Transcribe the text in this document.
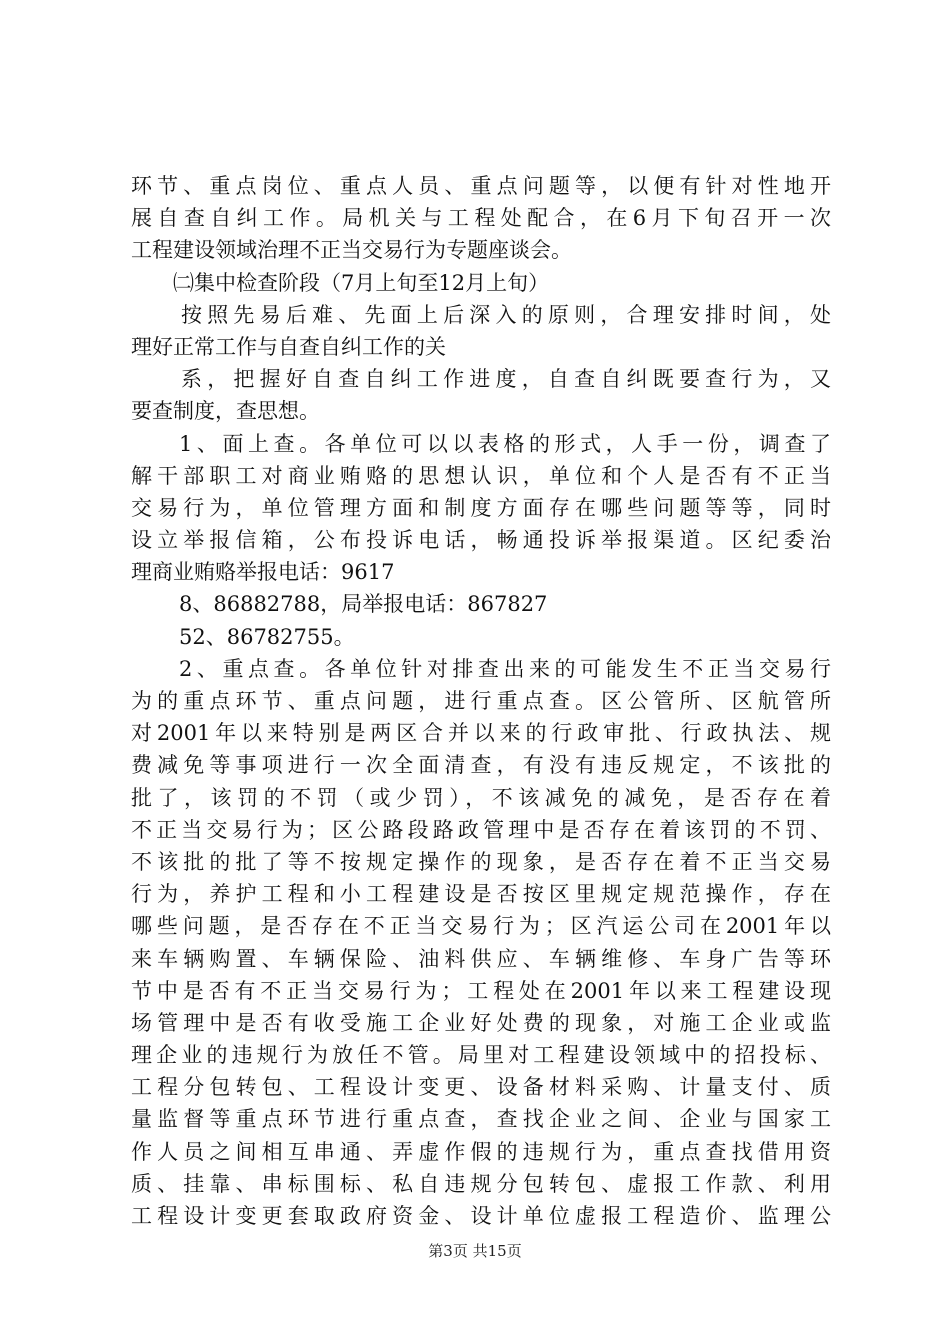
环节、重点岗位、重点人员、重点问题等，以便有针对性地开
展自查自纠工作。局机关与工程处配合，在6月下旬召开一次
工程建设领域治理不正当交易行为专题座谈会。
㈡集中检查阶段（7月上旬至12月上旬）
按照先易后难、先面上后深入的原则，合理安排时间，处
理好正常工作与自查自纠工作的关
系，把握好自查自纠工作进度，自查自纠既要查行为，又
要查制度，查思想。
1、面上查。各单位可以以表格的形式，人手一份，调查了
解干部职工对商业贿赂的思想认识，单位和个人是否有不正当
交易行为，单位管理方面和制度方面存在哪些问题等等，同时
设立举报信箱，公布投诉电话，畅通投诉举报渠道。区纪委治
理商业贿赂举报电话：9617
8、86882788，局举报电话：867827
52、86782755。
2、重点查。各单位针对排查出来的可能发生不正当交易行
为的重点环节、重点问题，进行重点查。区公管所、区航管所
对2001年以来特别是两区合并以来的行政审批、行政执法、规
费减免等事项进行一次全面清查，有没有违反规定，不该批的
批了，该罚的不罚（或少罚），不该减免的减免，是否存在着
不正当交易行为；区公路段路政管理中是否存在着该罚的不罚、
不该批的批了等不按规定操作的现象，是否存在着不正当交易
行为，养护工程和小工程建设是否按区里规定规范操作，存在
哪些问题，是否存在不正当交易行为；区汽运公司在2001年以
来车辆购置、车辆保险、油料供应、车辆维修、车身广告等环
节中是否有不正当交易行为；工程处在2001年以来工程建设现
场管理中是否有收受施工企业好处费的现象，对施工企业或监
理企业的违规行为放任不管。局里对工程建设领域中的招投标、
工程分包转包、工程设计变更、设备材料采购、计量支付、质
量监督等重点环节进行重点查，查找企业之间、企业与国家工
作人员之间相互串通、弄虚作假的违规行为，重点查找借用资
质、挂靠、串标围标、私自违规分包转包、虚报工作款、利用
工程设计变更套取政府资金、设计单位虚报工程造价、监理公
第3页 共15页
